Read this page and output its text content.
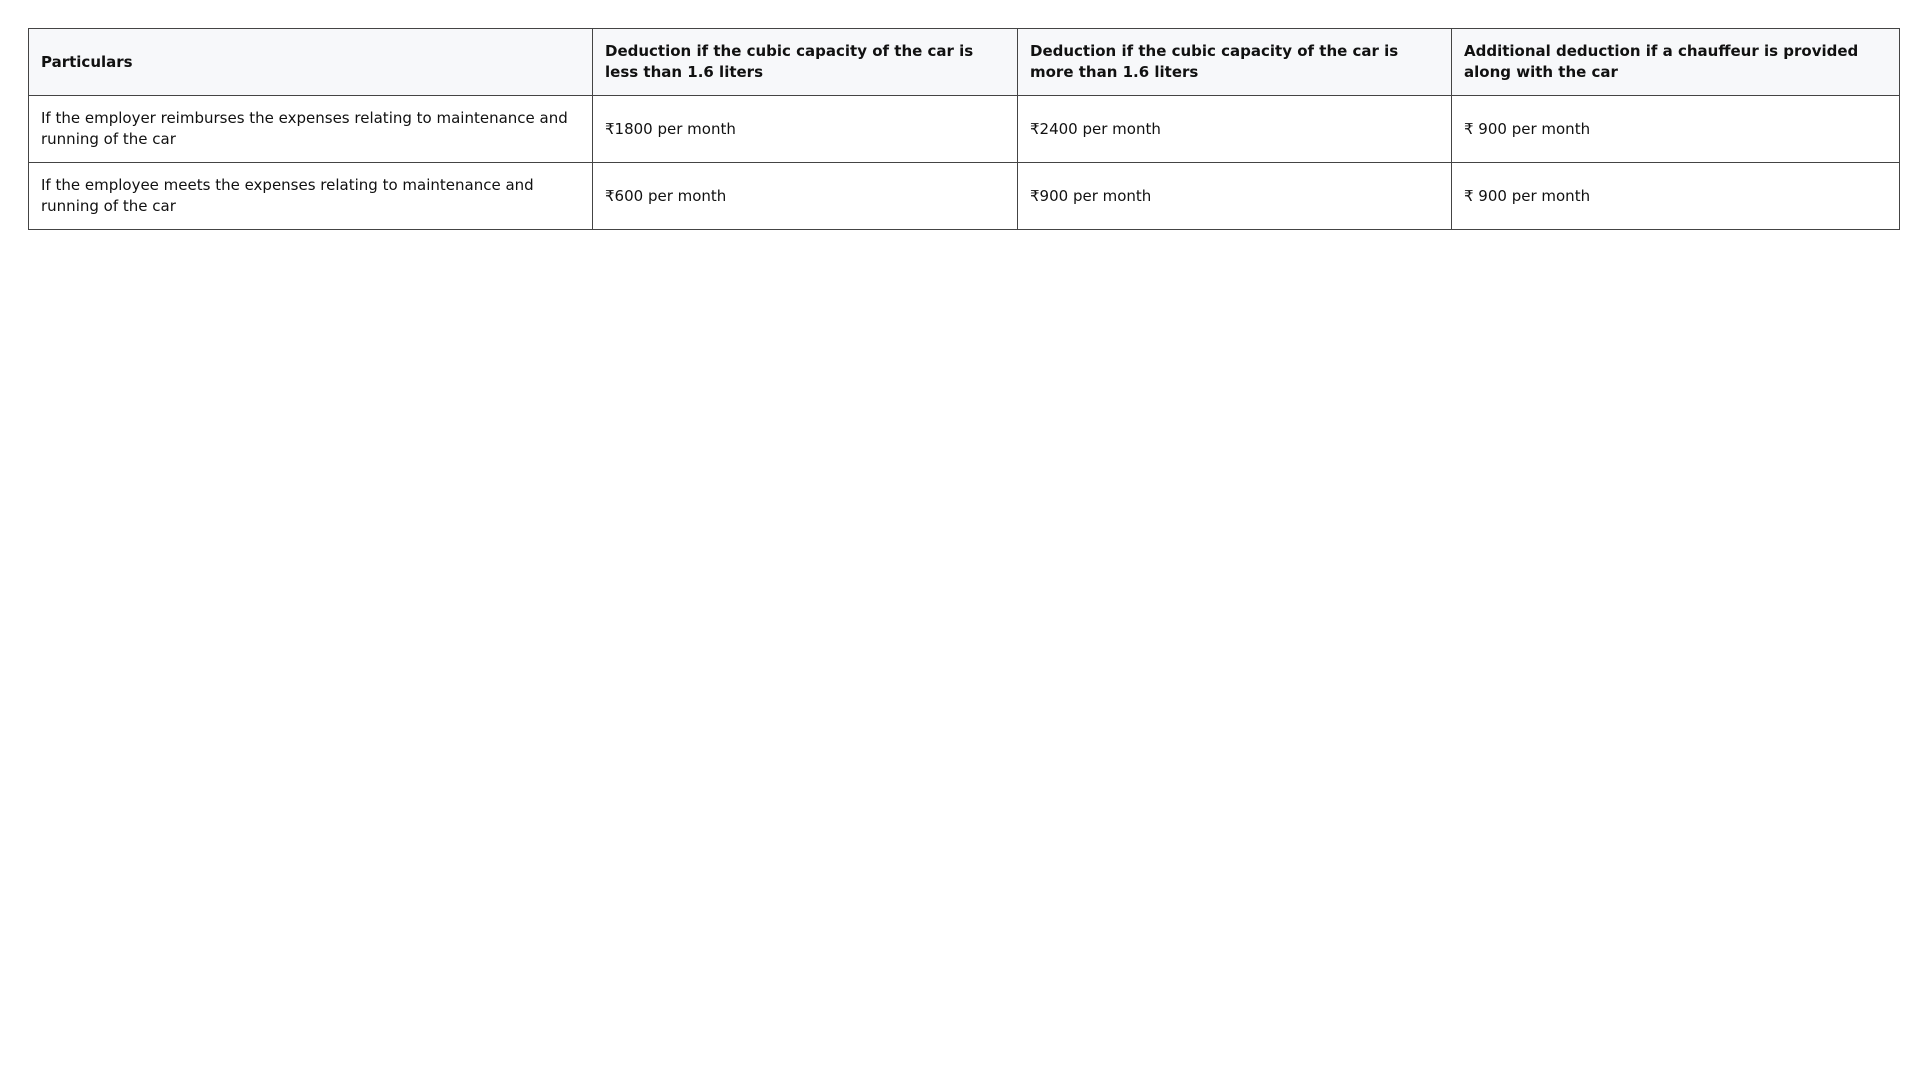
Particulars	Deduction if the cubic capacity of the car is less than 1.6 liters	Deduction if the cubic capacity of the car is more than 1.6 liters	Additional deduction if a chauffeur is provided along with the car
If the employer reimburses the expenses relating to maintenance and running of the car	₹1800 per month	₹2400 per month	₹ 900 per month
If the employee meets the expenses relating to maintenance and running of the car	₹600 per month	₹900 per month	₹ 900 per month
